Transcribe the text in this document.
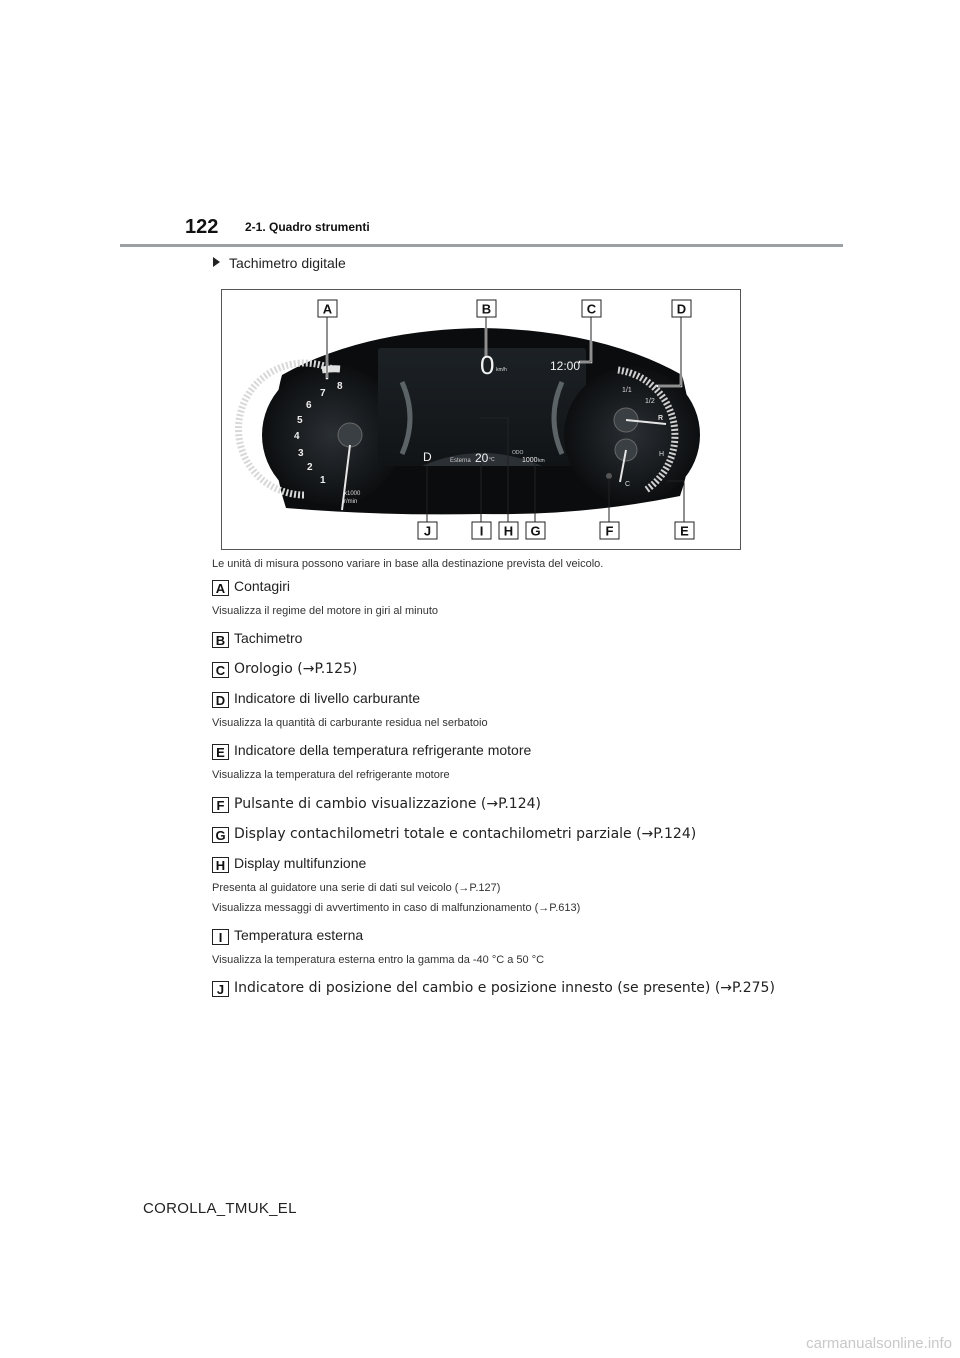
122 2-1. Quadro strumenti
Tachimetro digitale
1
2
3
4
5
6
7
8
x1000
r/min
0 km/h	12:00
D	Esterna 20 °C
ODO
1000 km
1/1
1/2
R
H
C
A	B	C	D
J	I H G	F	E
Le unità di misura possono variare in base alla destinazione prevista del veicolo.
A Contagiri
Visualizza il regime del motore in giri al minuto
B Tachimetro
C Orologio (→P.125)
D Indicatore di livello carburante
Visualizza la quantità di carburante residua nel serbatoio
E Indicatore della temperatura refrigerante motore
Visualizza la temperatura del refrigerante motore
F Pulsante di cambio visualizzazione (→P.124)
G Display contachilometri totale e contachilometri parziale (→P.124)
H Display multifunzione
Presenta al guidatore una serie di dati sul veicolo (→P.127)
Visualizza messaggi di avvertimento in caso di malfunzionamento (→P.613)
I Temperatura esterna
Visualizza la temperatura esterna entro la gamma da -40 °C a 50 °C
J Indicatore di posizione del cambio e posizione innesto (se presente) (→P.275)
COROLLA_TMUK_EL
carmanualsonline.info
